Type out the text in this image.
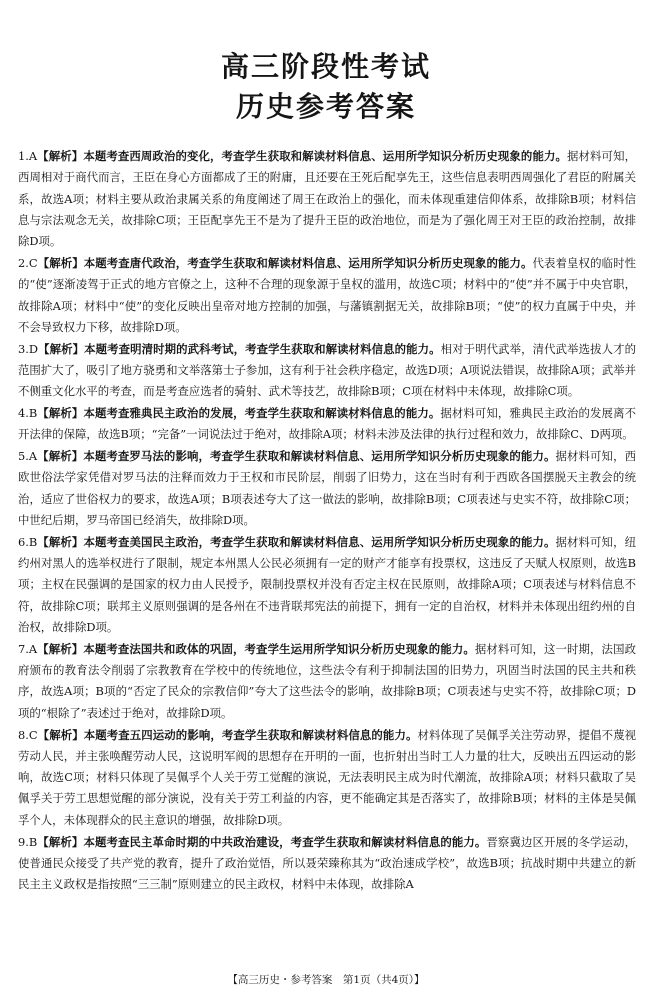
高三阶段性考试
历史参考答案

1.A【解析】本题考查西周政治的变化，考查学生获取和解读材料信息、运用所学知识分析历史现象的能力。据材料可知，西周相对于商代而言，王臣在身心方面都成了王的附庸，且还要在王死后配享先王，这些信息表明西周强化了君臣的附属关系，故选A项；材料主要从政治隶属关系的角度阐述了周王在政治上的强化，而未体现重建信仰体系，故排除B项；材料信息与宗法观念无关，故排除C项；王臣配享先王不是为了提升王臣的政治地位，而是为了强化周王对王臣的政治控制，故排除D项。

2.C【解析】本题考查唐代政治，考查学生获取和解读材料信息、运用所学知识分析历史现象的能力。代表着皇权的临时性的“使”逐渐凌驾于正式的地方官僚之上，这种不合理的现象源于皇权的滥用，故选C项；材料中的“使”并不属于中央官职，故排除A项；材料中“使”的变化反映出皇帝对地方控制的加强，与藩镇割据无关，故排除B项；“使”的权力直属于中央，并不会导致权力下移，故排除D项。

3.D【解析】本题考查明清时期的武科考试，考查学生获取和解读材料信息的能力。相对于明代武举，清代武举选拔人才的范围扩大了，吸引了地方骁勇和文举落第士子参加，这有利于社会秩序稳定，故选D项；A项说法错误，故排除A项；武举并不侧重文化水平的考查，而是考查应选者的骑射、武术等技艺，故排除B项；C项在材料中未体现，故排除C项。

4.B【解析】本题考查雅典民主政治的发展，考查学生获取和解读材料信息的能力。据材料可知，雅典民主政治的发展离不开法律的保障，故选B项；“完备”一词说法过于绝对，故排除A项；材料未涉及法律的执行过程和效力，故排除C、D两项。

5.A【解析】本题考查罗马法的影响，考查学生获取和解读材料信息、运用所学知识分析历史现象的能力。据材料可知，西欧世俗法学家凭借对罗马法的注释而效力于王权和市民阶层，削弱了旧势力，这在当时有利于西欧各国摆脱天主教会的统治，适应了世俗权力的要求，故选A项；B项表述夸大了这一做法的影响，故排除B项；C项表述与史实不符，故排除C项；中世纪后期，罗马帝国已经消失，故排除D项。

6.B【解析】本题考查美国民主政治，考查学生获取和解读材料信息、运用所学知识分析历史现象的能力。据材料可知，纽约州对黑人的选举权进行了限制，规定本州黑人公民必须拥有一定的财产才能享有投票权，这违反了天赋人权原则，故选B项；主权在民强调的是国家的权力由人民授予，限制投票权并没有否定主权在民原则，故排除A项；C项表述与材料信息不符，故排除C项；联邦主义原则强调的是各州在不违背联邦宪法的前提下，拥有一定的自治权，材料并未体现出纽约州的自治权，故排除D项。

7.A【解析】本题考查法国共和政体的巩固，考查学生运用所学知识分析历史现象的能力。据材料可知，这一时期，法国政府颁布的教育法令削弱了宗教教育在学校中的传统地位，这些法令有利于抑制法国的旧势力，巩固当时法国的民主共和秩序，故选A项；B项的“否定了民众的宗教信仰”夸大了这些法令的影响，故排除B项；C项表述与史实不符，故排除C项；D项的“根除了”表述过于绝对，故排除D项。

8.C【解析】本题考查五四运动的影响，考查学生获取和解读材料信息的能力。材料体现了吴佩孚关注劳动界，提倡不蔑视劳动人民，并主张唤醒劳动人民，这说明军阀的思想存在开明的一面，也折射出当时工人力量的壮大，反映出五四运动的影响，故选C项；材料只体现了吴佩孚个人关于劳工觉醒的演说，无法表明民主成为时代潮流，故排除A项；材料只截取了吴佩孚关于劳工思想觉醒的部分演说，没有关于劳工利益的内容，更不能确定其是否落实了，故排除B项；材料的主体是吴佩孚个人，未体现群众的民主意识的增强，故排除D项。

9.B【解析】本题考查民主革命时期的中共政治建设，考查学生获取和解读材料信息的能力。晋察冀边区开展的冬学运动，使普通民众接受了共产党的教育，提升了政治觉悟，所以聂荣臻称其为“政治速成学校”，故选B项；抗战时期中共建立的新民主主义政权是指按照“三三制”原则建立的民主政权，材料中未体现，故排除A

【高三历史・参考答案　第1页（共4页）】
